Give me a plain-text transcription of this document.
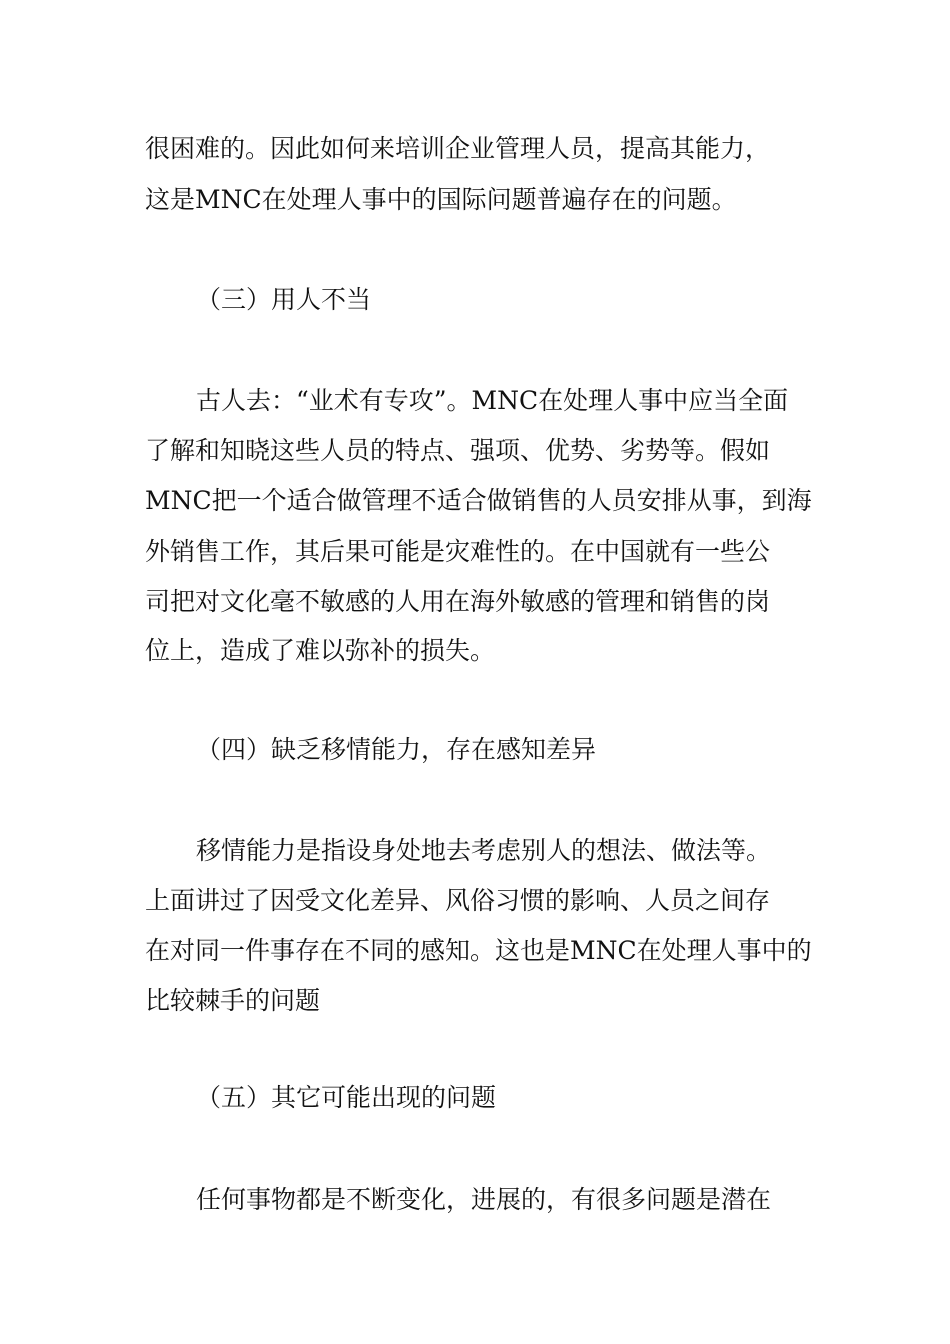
很困难的。因此如何来培训企业管理人员，提高其能力，
这是MNC在处理人事中的国际问题普遍存在的问题。
（三）用人不当
古人去：“业术有专攻”。MNC在处理人事中应当全面
了解和知晓这些人员的特点、强项、优势、劣势等。假如
MNC把一个适合做管理不适合做销售的人员安排从事，到海
外销售工作，其后果可能是灾难性的。在中国就有一些公
司把对文化毫不敏感的人用在海外敏感的管理和销售的岗
位上，造成了难以弥补的损失。
（四）缺乏移情能力，存在感知差异
移情能力是指设身处地去考虑别人的想法、做法等。
上面讲过了因受文化差异、风俗习惯的影响、人员之间存
在对同一件事存在不同的感知。这也是MNC在处理人事中的
比较棘手的问题
（五）其它可能出现的问题
任何事物都是不断变化，进展的，有很多问题是潜在
